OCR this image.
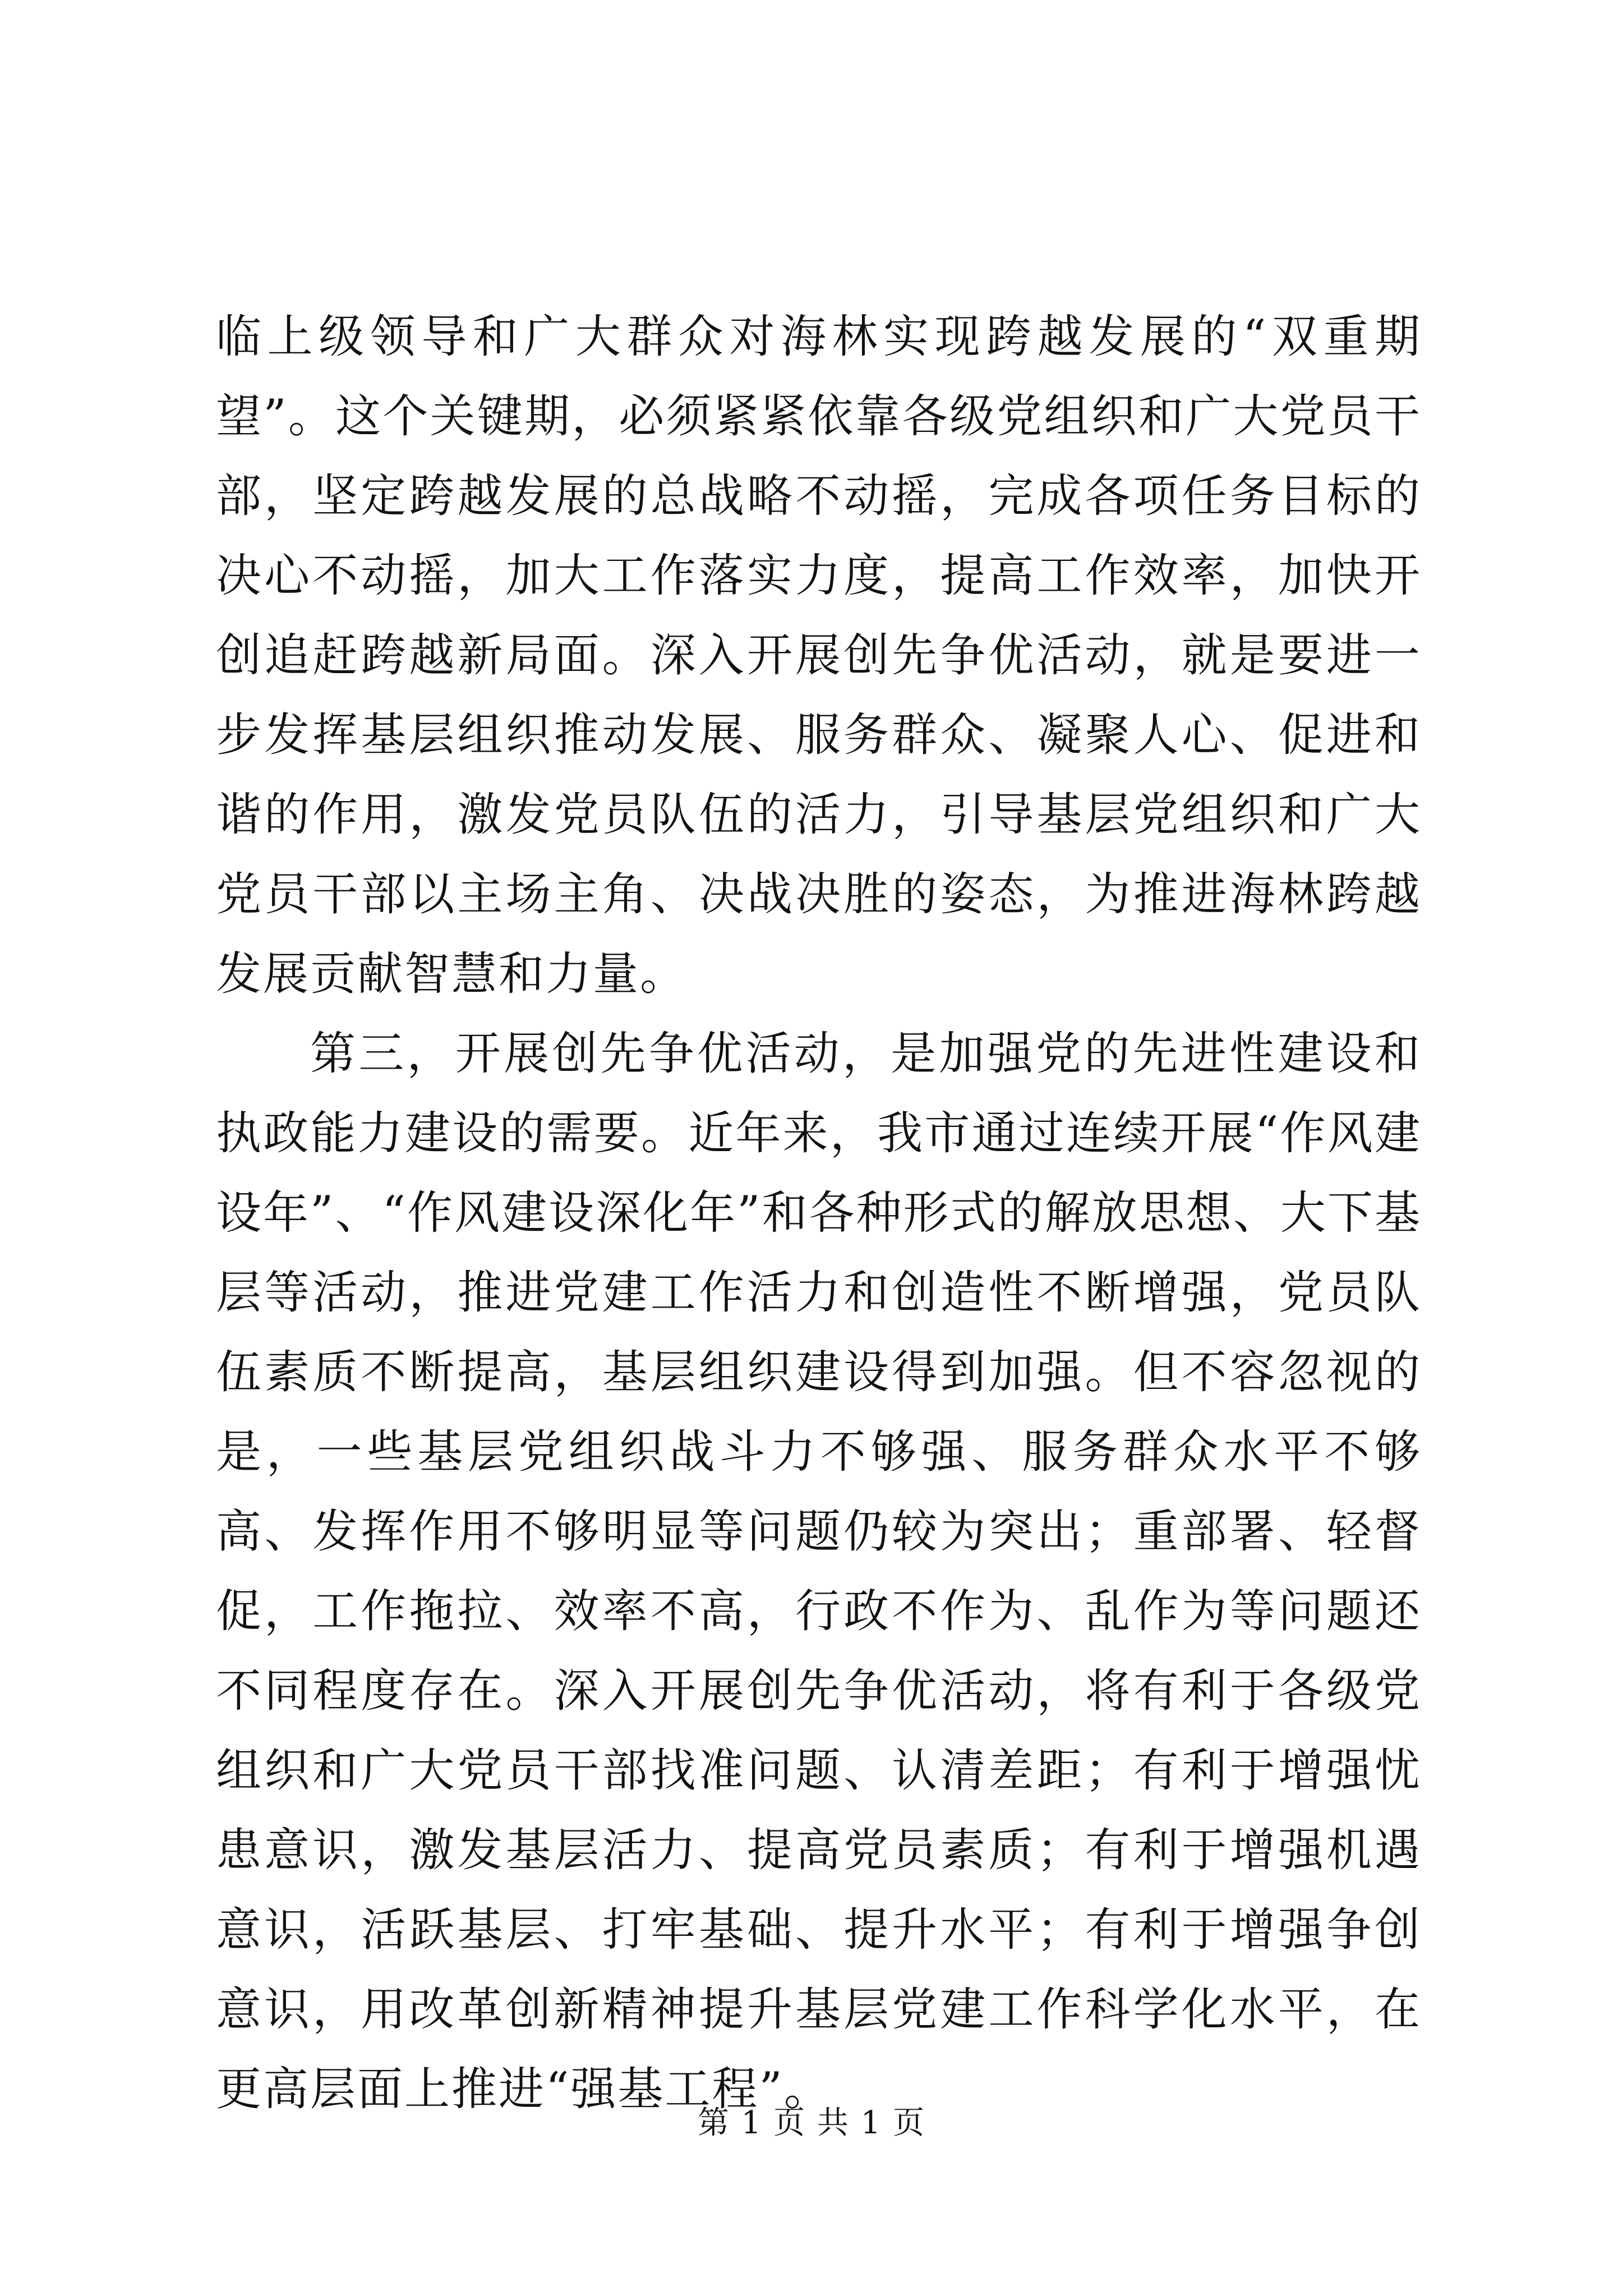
临上级领导和广大群众对海林实现跨越发展的“双重期望”。这个关键期，必须紧紧依靠各级党组织和广大党员干部，坚定跨越发展的总战略不动摇，完成各项任务目标的决心不动摇，加大工作落实力度，提高工作效率，加快开创追赶跨越新局面。深入开展创先争优活动，就是要进一步发挥基层组织推动发展、服务群众、凝聚人心、促进和谐的作用，激发党员队伍的活力，引导基层党组织和广大党员干部以主场主角、决战决胜的姿态，为推进海林跨越发展贡献智慧和力量。

第三，开展创先争优活动，是加强党的先进性建设和执政能力建设的需要。近年来，我市通过连续开展“作风建设年”、“作风建设深化年”和各种形式的解放思想、大下基层等活动，推进党建工作活力和创造性不断增强，党员队伍素质不断提高，基层组织建设得到加强。但不容忽视的是，一些基层党组织战斗力不够强、服务群众水平不够高、发挥作用不够明显等问题仍较为突出；重部署、轻督促，工作拖拉、效率不高，行政不作为、乱作为等问题还不同程度存在。深入开展创先争优活动，将有利于各级党组织和广大党员干部找准问题、认清差距；有利于增强忧患意识，激发基层活力、提高党员素质；有利于增强机遇意识，活跃基层、打牢基础、提升水平；有利于增强争创意识，用改革创新精神提升基层党建工作科学化水平，在更高层面上推进“强基工程”。

第 1 页 共 1 页
